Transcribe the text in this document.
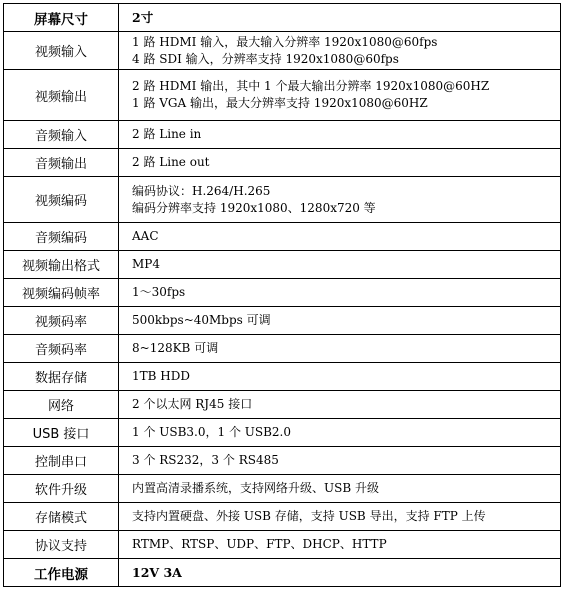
屏幕尺寸	2寸

视频输入	1 路 HDMI 输入，最大输入分辨率 1920x1080@60fps
4 路 SDI 输入，分辨率支持 1920x1080@60fps

视频输出	2 路 HDMI 输出，其中 1 个最大输出分辨率 1920x1080@60HZ
1 路 VGA 输出，最大分辨率支持 1920x1080@60HZ

音频输入	2 路 Line in

音频输出	2 路 Line out

视频编码	编码协议：H.264/H.265
编码分辨率支持 1920x1080、1280x720 等

音频编码	AAC

视频输出格式	MP4

视频编码帧率	1～30fps

视频码率	500kbps~40Mbps 可调

音频码率	8~128KB 可调

数据存储	1TB HDD

网络	2 个以太网 RJ45 接口

USB 接口	1 个 USB3.0，1 个 USB2.0

控制串口	3 个 RS232，3 个 RS485

软件升级	内置高清录播系统，支持网络升级、USB 升级

存储模式	支持内置硬盘、外接 USB 存储，支持 USB 导出，支持 FTP 上传

协议支持	RTMP、RTSP、UDP、FTP、DHCP、HTTP

工作电源	12V 3A
